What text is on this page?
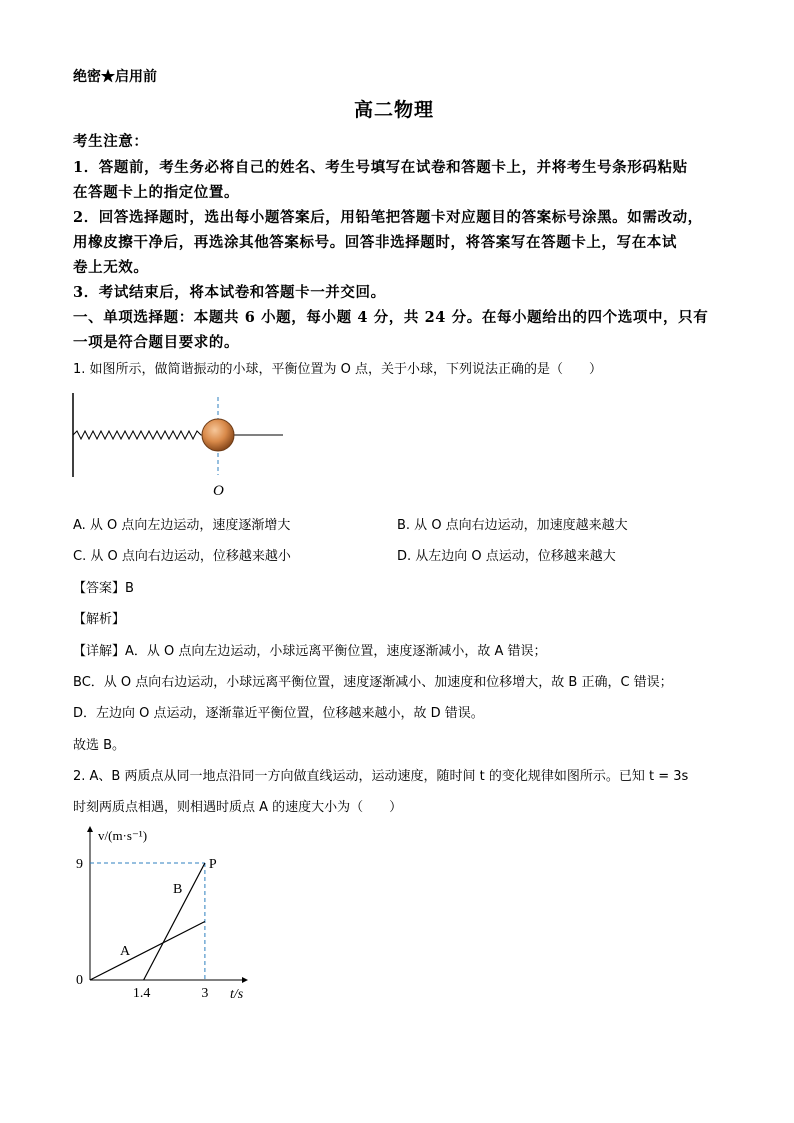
绝密★启用前
高二物理
考生注意：
1．答题前，考生务必将自己的姓名、考生号填写在试卷和答题卡上，并将考生号条形码粘贴
在答题卡上的指定位置。
2．回答选择题时，选出每小题答案后，用铅笔把答题卡对应题目的答案标号涂黑。如需改动，
用橡皮擦干净后，再选涂其他答案标号。回答非选择题时，将答案写在答题卡上，写在本试
卷上无效。
3．考试结束后，将本试卷和答题卡一并交回。
一、单项选择题：本题共 6 小题，每小题 4 分，共 24 分。在每小题给出的四个选项中，只有
一项是符合题目要求的。
1. 如图所示，做简谐振动的小球，平衡位置为 O 点，关于小球，下列说法正确的是（　　）
O
A. 从 O 点向左边运动，速度逐渐增大	B. 从 O 点向右边运动，加速度越来越大
C. 从 O 点向右边运动，位移越来越小	D. 从左边向 O 点运动，位移越来越大
【答案】B
【解析】
【详解】A．从 O 点向左边运动，小球远离平衡位置，速度逐渐减小，故 A 错误；
BC．从 O 点向右边运动，小球远离平衡位置，速度逐渐减小、加速度和位移增大，故 B 正确，C 错误；
D．左边向 O 点运动，逐渐靠近平衡位置，位移越来越小，故 D 错误。
故选 B。
2. A、B 两质点从同一地点沿同一方向做直线运动，运动速度，随时间 t 的变化规律如图所示。已知 t = 3s
时刻两质点相遇，则相遇时质点 A 的速度大小为（　　）
A
B
P
9
0
1.4	3 t/s
v/(m·s⁻¹)
